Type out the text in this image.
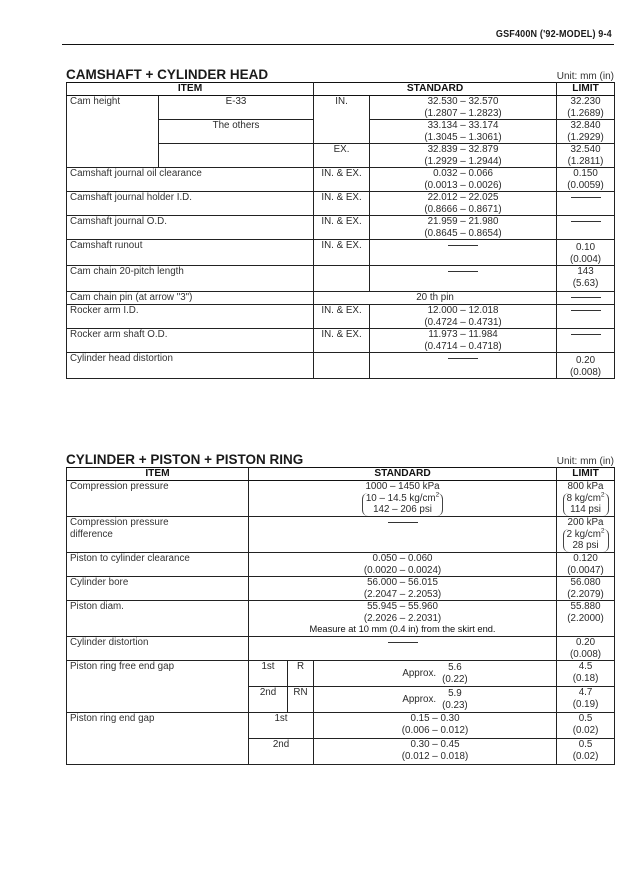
GSF400N ('92-MODEL) 9-4
CAMSHAFT + CYLINDER HEAD	Unit: mm (in)
ITEM		STANDARD		LIMIT
Cam height	E-33	IN.	32.530 – 32.570
(1.2807 – 1.2823)	32.230
(1.2689)
	The others		33.134 – 33.174
(1.3045 – 1.3061)	32.840
(1.2929)
		EX.	32.839 – 32.879
(1.2929 – 1.2944)	32.540
(1.2811)
Camshaft journal oil clearance		IN. & EX.	0.032 – 0.066
(0.0013 – 0.0026)	0.150
(0.0059)
Camshaft journal holder I.D.		IN. & EX.	22.012 – 22.025
(0.8666 – 0.8671)	
Camshaft journal O.D.		IN. & EX.	21.959 – 21.980
(0.8645 – 0.8654)	
Camshaft runout		IN. & EX.		0.10
(0.004)
Cam chain 20-pitch length				143
(5.63)
Cam chain pin (at arrow "3")		20 th pin		
Rocker arm I.D.		IN. & EX.	12.000 – 12.018
(0.4724 – 0.4731)	
Rocker arm shaft O.D.		IN. & EX.	11.973 – 11.984
(0.4714 – 0.4718)	
Cylinder head distortion				0.20
(0.008)
CYLINDER + PISTON + PISTON RING	Unit: mm (in)
ITEM	STANDARD			LIMIT
Compression pressure	1000 – 1450 kPa
10 – 14.5 $kg/cm^2$
142 – 206 psi			800 kPa
8 $kg/cm^2$
114 psi
Compression pressure
difference				200 kPa
2 $kg/cm^2$
28 psi
Piston to cylinder clearance	0.050 – 0.060
(0.0020 – 0.0024)			0.120
(0.0047)
Cylinder bore	56.000 – 56.015
(2.2047 – 2.2053)			56.080
(2.2079)
Piston diam.	55.945 – 55.960
(2.2026 – 2.2031)
Measure at 10 mm (0.4 in) from the skirt end.			55.880
(2.2000)
Cylinder distortion				0.20
(0.008)
Piston ring free end gap	1st	R	Approx.5.6
(0.22)	4.5
(0.18)
	2nd	RN	Approx.5.9
(0.23)	4.7
(0.19)
Piston ring end gap	1st		0.15 – 0.30
(0.006 – 0.012)	0.5
(0.02)
	2nd		0.30 – 0.45
(0.012 – 0.018)	0.5
(0.02)
